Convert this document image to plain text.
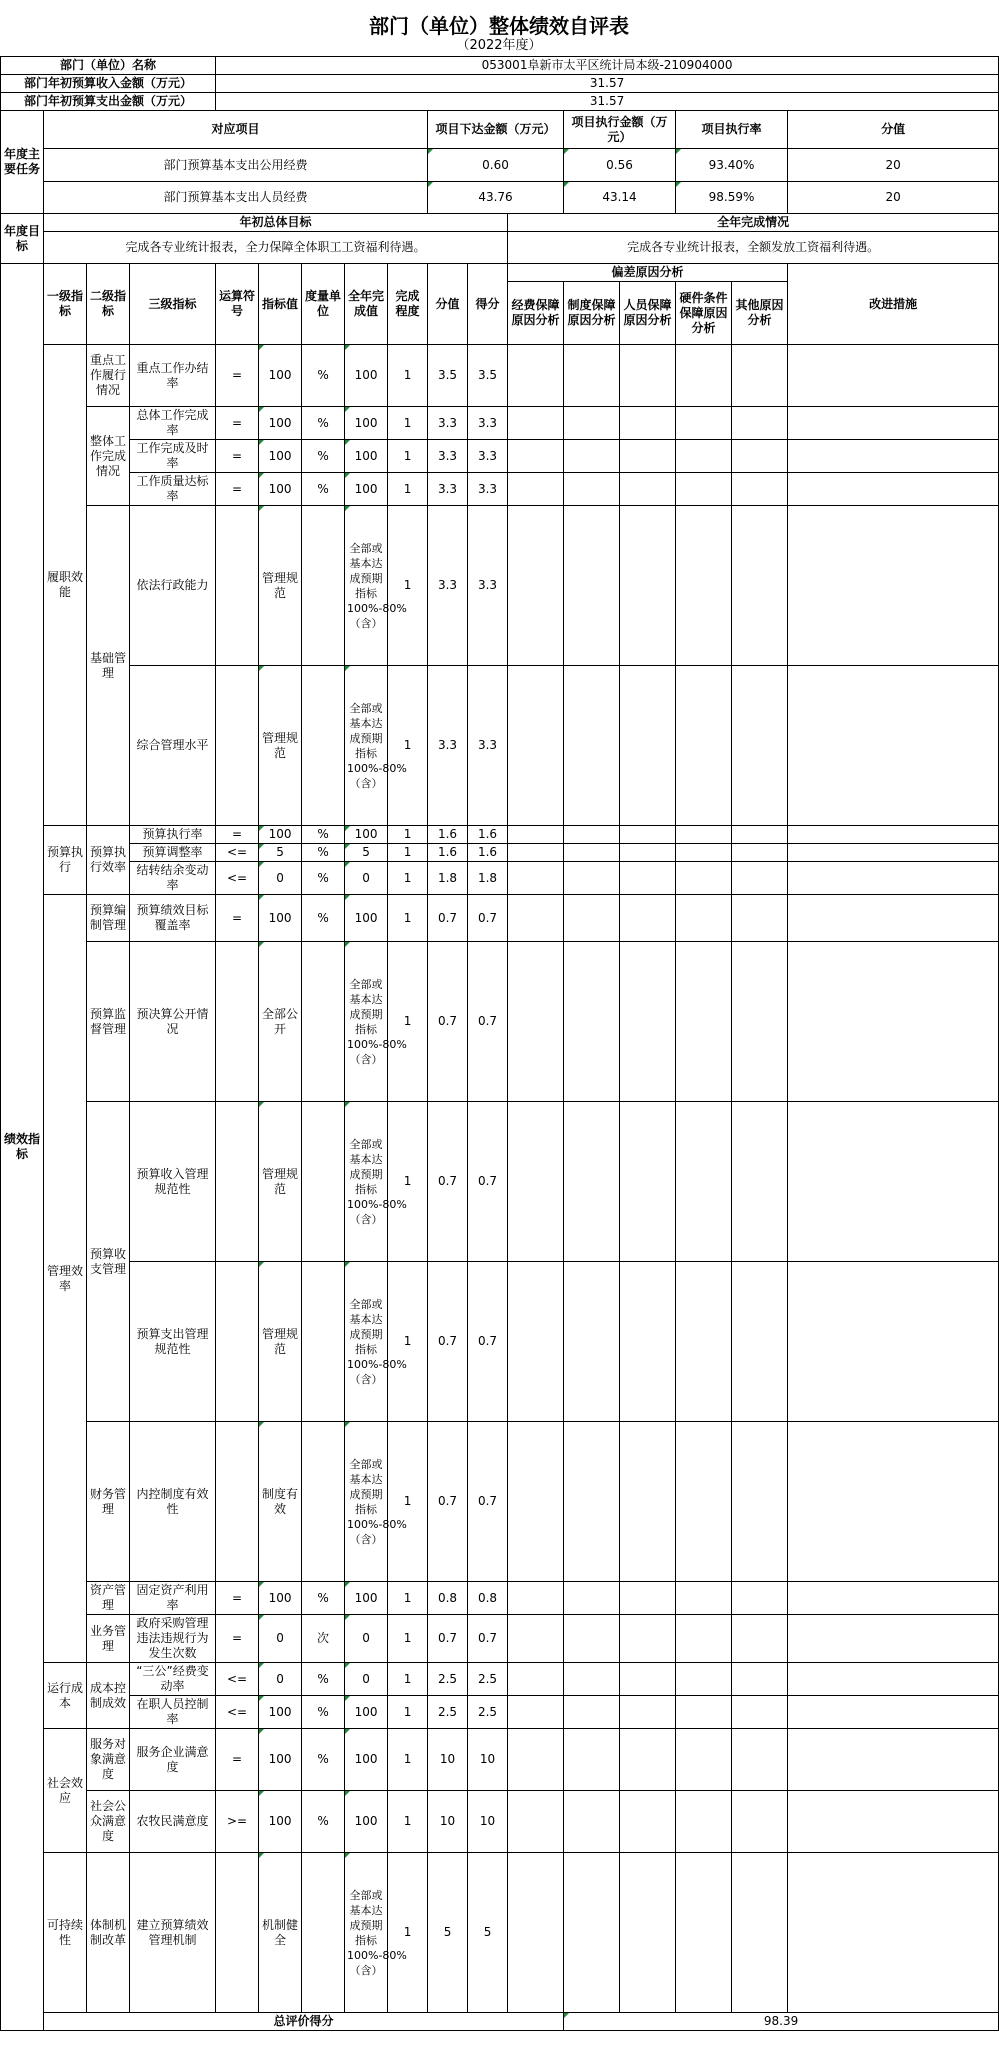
部门（单位）整体绩效自评表
（2022年度）
部门（单位）名称				053001阜新市太平区统计局本级-210904000													
部门年初预算收入金额（万元）				31.57													
部门年初预算支出金额（万元）				31.57													
年度主要任务	对应项目								项目下达金额（万元）			项目执行金额（万元）		项目执行率		分值	
	部门预算基本支出公用经费								0.60			0.56		93.40%		20	
	部门预算基本支出人员经费								43.76			43.14		98.59%		20	
年度目标	年初总体目标										全年完成情况						
	完成各专业统计报表，全力保障全体职工工资福利待遇。										完成各专业统计报表，全额发放工资福利待遇。						
绩效指标	一级指标	二级指标	三级指标	运算符号	指标值	度量单位	全年完成值	完成程度	分值	得分	偏差原因分析					改进措施	
											经费保障原因分析	制度保障原因分析	人员保障原因分析	硬件条件保障原因分析	其他原因分析		
	履职效能	重点工作履行情况	重点工作办结率	=	100	%	100	1	3.5	3.5							
		整体工作完成情况	总体工作完成率	=	100	%	100	1	3.3	3.3							
			工作完成及时率	=	100	%	100	1	3.3	3.3							
			工作质量达标率	=	100	%	100	1	3.3	3.3							
		基础管理	依法行政能力		管理规范		全部或基本达成预期指标100%-80%（含）	1	3.3	3.3							
			综合管理水平		管理规范		全部或基本达成预期指标100%-80%（含）	1	3.3	3.3							
	预算执行	预算执行效率	预算执行率	=	100	%	100	1	1.6	1.6							
			预算调整率	<=	5	%	5	1	1.6	1.6							
			结转结余变动率	<=	0	%	0	1	1.8	1.8							
	管理效率	预算编制管理	预算绩效目标覆盖率	=	100	%	100	1	0.7	0.7							
		预算监督管理	预决算公开情况		全部公开		全部或基本达成预期指标100%-80%（含）	1	0.7	0.7							
		预算收支管理	预算收入管理规范性		管理规范		全部或基本达成预期指标100%-80%（含）	1	0.7	0.7							
			预算支出管理规范性		管理规范		全部或基本达成预期指标100%-80%（含）	1	0.7	0.7							
		财务管理	内控制度有效性		制度有效		全部或基本达成预期指标100%-80%（含）	1	0.7	0.7							
		资产管理	固定资产利用率	=	100	%	100	1	0.8	0.8							
		业务管理	政府采购管理违法违规行为发生次数	=	0	次	0	1	0.7	0.7							
	运行成本	成本控制成效	“三公”经费变动率	<=	0	%	0	1	2.5	2.5							
			在职人员控制率	<=	100	%	100	1	2.5	2.5							
	社会效应	服务对象满意度	服务企业满意度	=	100	%	100	1	10	10							
		社会公众满意度	农牧民满意度	>=	100	%	100	1	10	10							
	可持续性	体制机制改革	建立预算绩效管理机制		机制健全		全部或基本达成预期指标100%-80%（含）	1	5	5							
	总评价得分											98.39					
